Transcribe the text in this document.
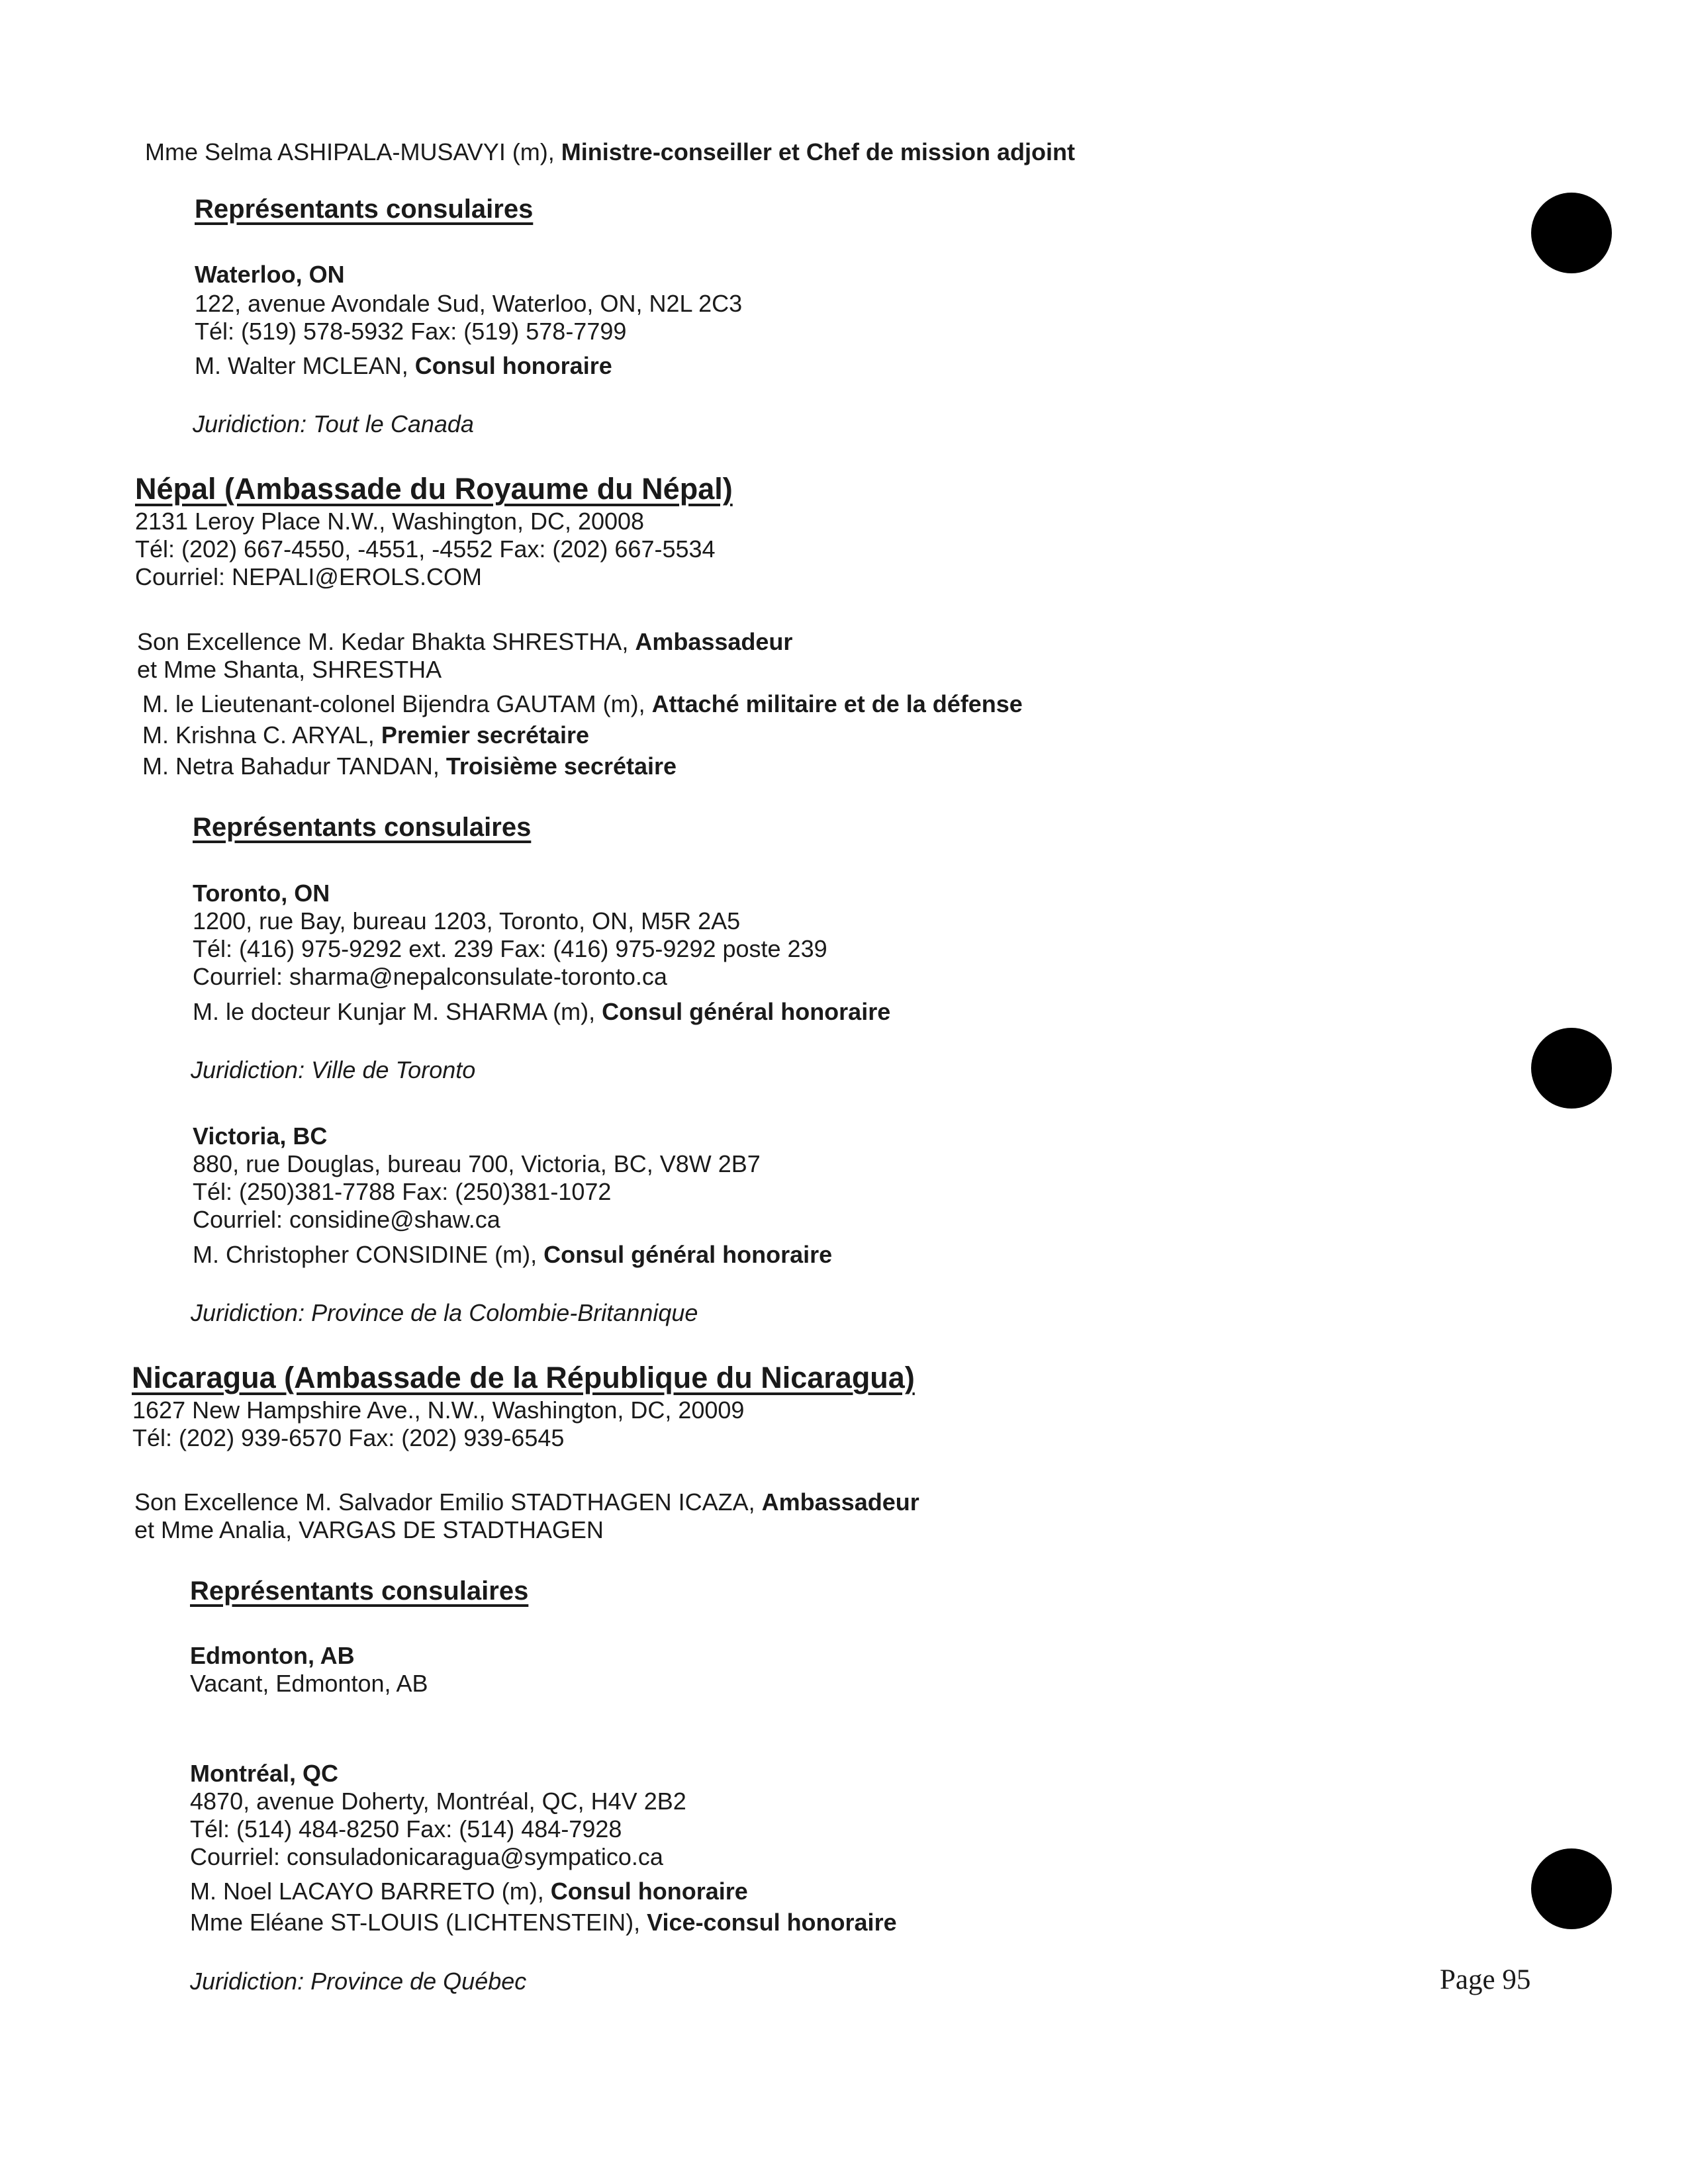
Mme Selma ASHIPALA-MUSAVYI (m), Ministre-conseiller et Chef de mission adjoint
Représentants consulaires
Waterloo, ON
122, avenue Avondale Sud, Waterloo, ON, N2L 2C3
Tél: (519) 578-5932 Fax: (519) 578-7799
M. Walter MCLEAN, Consul honoraire
Juridiction: Tout le Canada
Népal (Ambassade du Royaume du Népal)
2131 Leroy Place N.W., Washington, DC, 20008
Tél: (202) 667-4550, -4551, -4552 Fax: (202) 667-5534
Courriel: NEPALI@EROLS.COM
Son Excellence M. Kedar Bhakta SHRESTHA, Ambassadeur
et Mme Shanta, SHRESTHA
M. le Lieutenant-colonel Bijendra GAUTAM (m), Attaché militaire et de la défense
M. Krishna C. ARYAL, Premier secrétaire
M. Netra Bahadur TANDAN, Troisième secrétaire
Représentants consulaires
Toronto, ON
1200, rue Bay, bureau 1203, Toronto, ON, M5R 2A5
Tél: (416) 975-9292 ext. 239 Fax: (416) 975-9292 poste 239
Courriel: sharma@nepalconsulate-toronto.ca
M. le docteur Kunjar M. SHARMA (m), Consul général honoraire
Juridiction: Ville de Toronto
Victoria, BC
880, rue Douglas, bureau 700, Victoria, BC, V8W 2B7
Tél: (250)381-7788 Fax: (250)381-1072
Courriel: considine@shaw.ca
M. Christopher CONSIDINE (m), Consul général honoraire
Juridiction: Province de la Colombie-Britannique
Nicaragua (Ambassade de la République du Nicaragua)
1627 New Hampshire Ave., N.W., Washington, DC, 20009
Tél: (202) 939-6570 Fax: (202) 939-6545
Son Excellence M. Salvador Emilio STADTHAGEN ICAZA, Ambassadeur
et Mme Analia, VARGAS DE STADTHAGEN
Représentants consulaires
Edmonton, AB
Vacant, Edmonton, AB
Montréal, QC
4870, avenue Doherty, Montréal, QC, H4V 2B2
Tél: (514) 484-8250 Fax: (514) 484-7928
Courriel: consuladonicaragua@sympatico.ca
M. Noel LACAYO BARRETO (m), Consul honoraire
Mme Eléane ST-LOUIS (LICHTENSTEIN), Vice-consul honoraire
Juridiction: Province de Québec	Page 95
